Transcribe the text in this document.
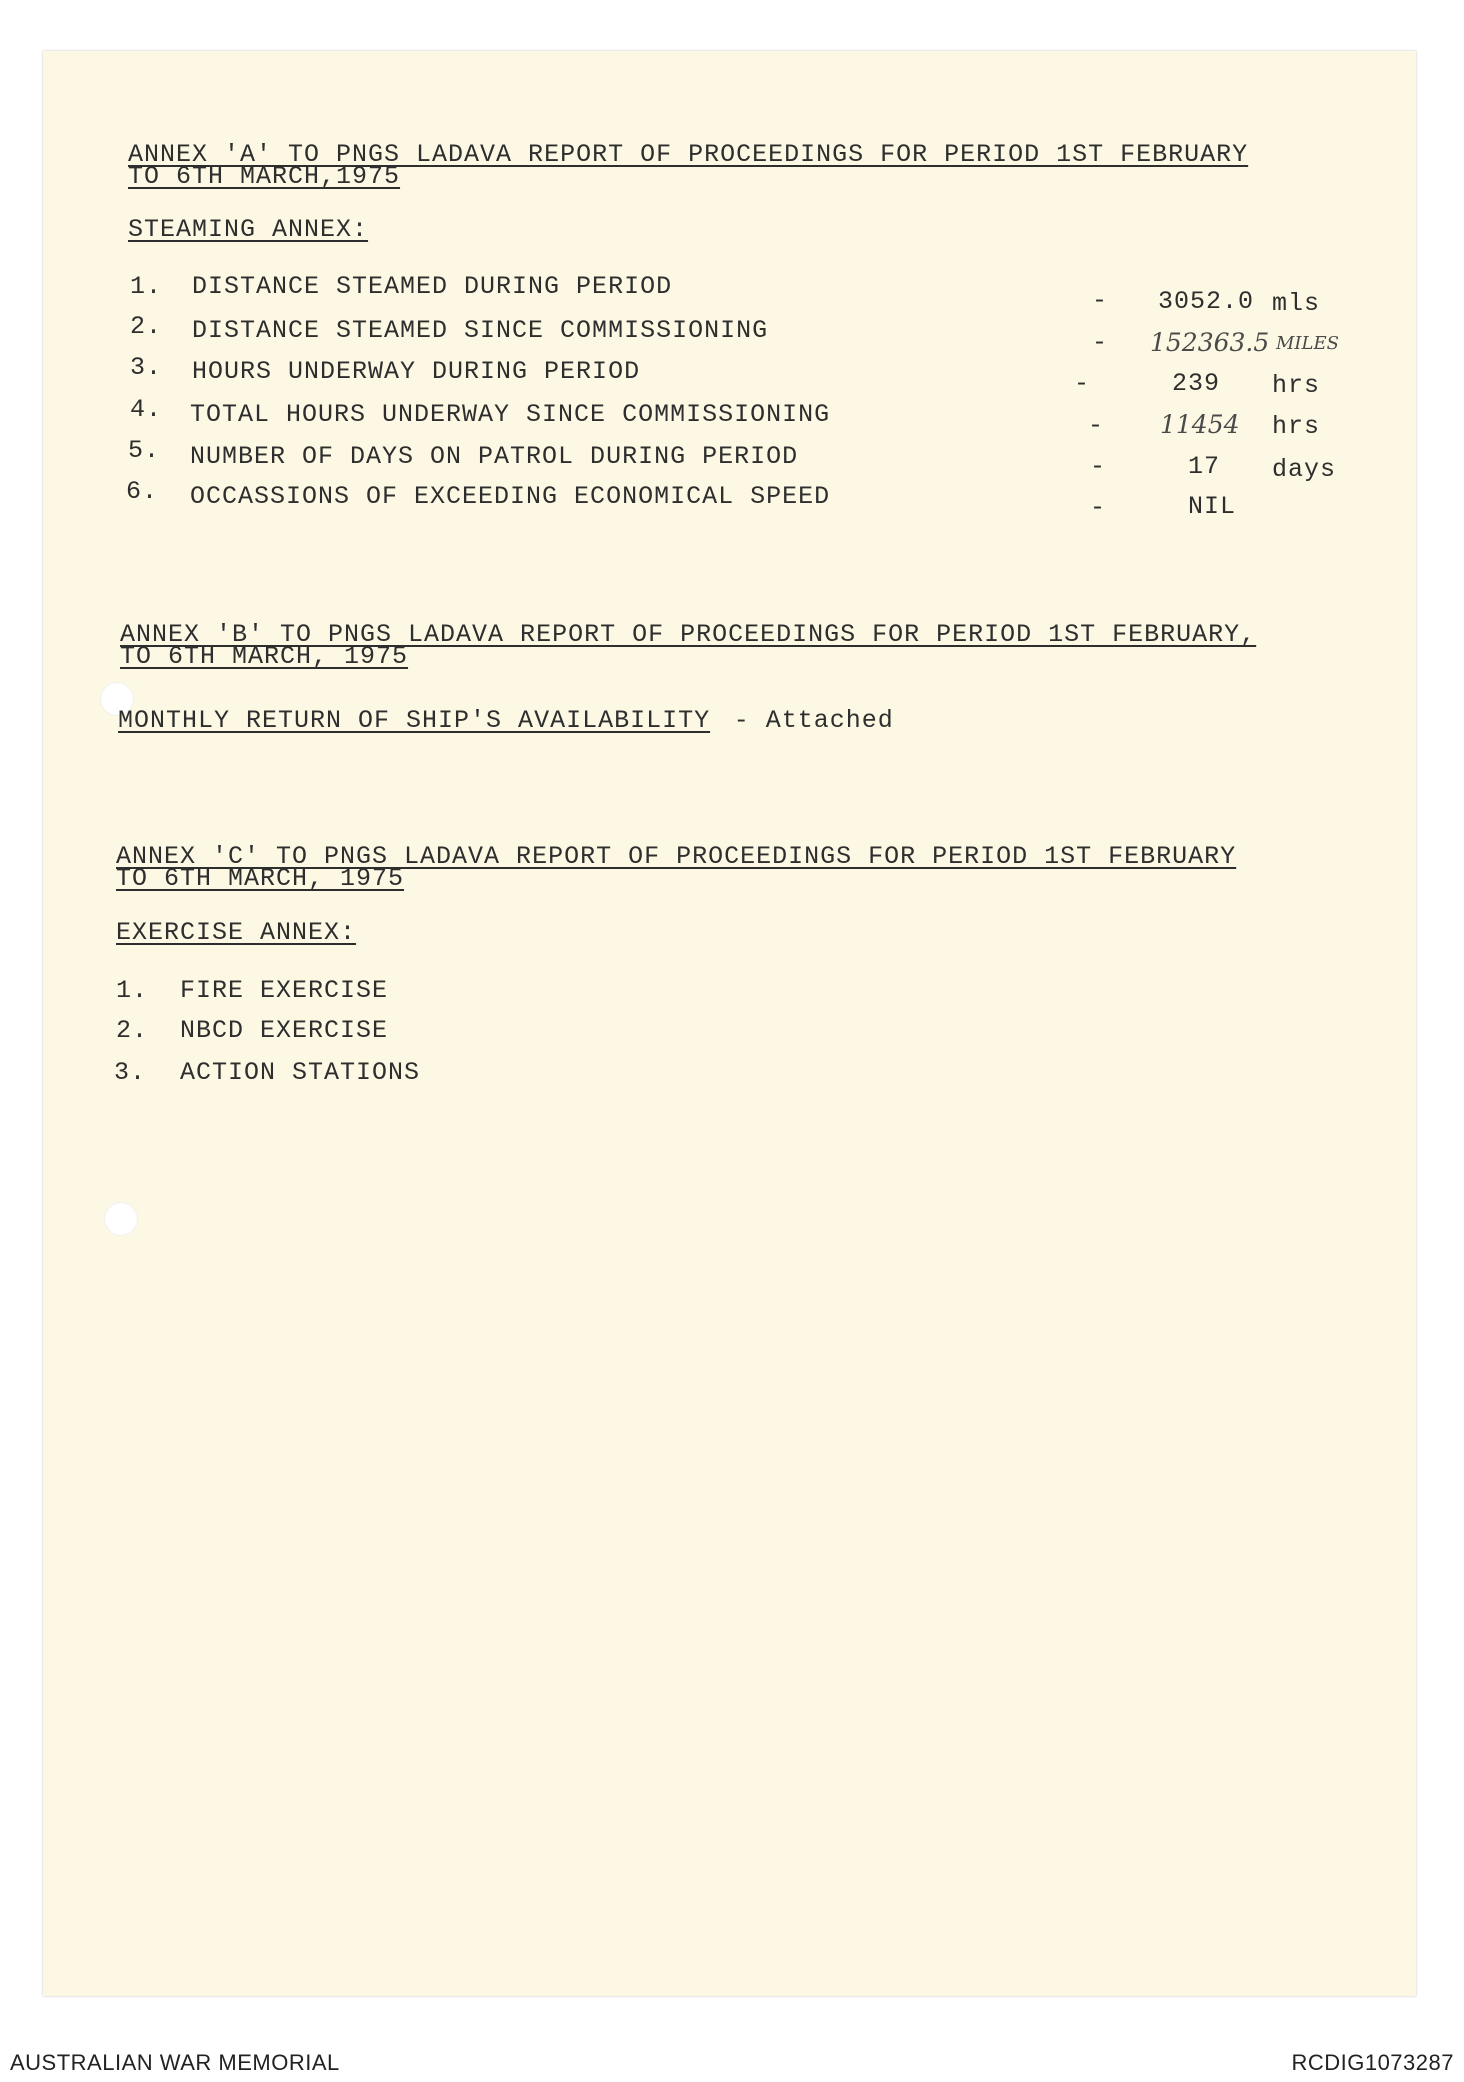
ANNEX 'A' TO PNGS LADAVA REPORT OF PROCEEDINGS FOR PERIOD 1ST FEBRUARY
TO 6TH MARCH,1975
STEAMING ANNEX:
1. DISTANCE STEAMED DURING PERIOD	- 3052.0 mls
2. DISTANCE STEAMED SINCE COMMISSIONING	- 152363.5 MILES
3. HOURS UNDERWAY DURING PERIOD	-	239 hrs
4. TOTAL HOURS UNDERWAY SINCE COMMISSIONING	- 11454 hrs
5. NUMBER OF DAYS ON PATROL DURING PERIOD	-	17 days
6. OCCASSIONS OF EXCEEDING ECONOMICAL SPEED	-	NIL
ANNEX 'B' TO PNGS LADAVA REPORT OF PROCEEDINGS FOR PERIOD 1ST FEBRUARY,
TO 6TH MARCH, 1975
MONTHLY RETURN OF SHIP'S AVAILABILITY - Attached
ANNEX 'C' TO PNGS LADAVA REPORT OF PROCEEDINGS FOR PERIOD 1ST FEBRUARY
TO 6TH MARCH, 1975
EXERCISE ANNEX:
1. FIRE EXERCISE
2. NBCD EXERCISE
3. ACTION STATIONS
AUSTRALIAN WAR MEMORIAL	RCDIG1073287
